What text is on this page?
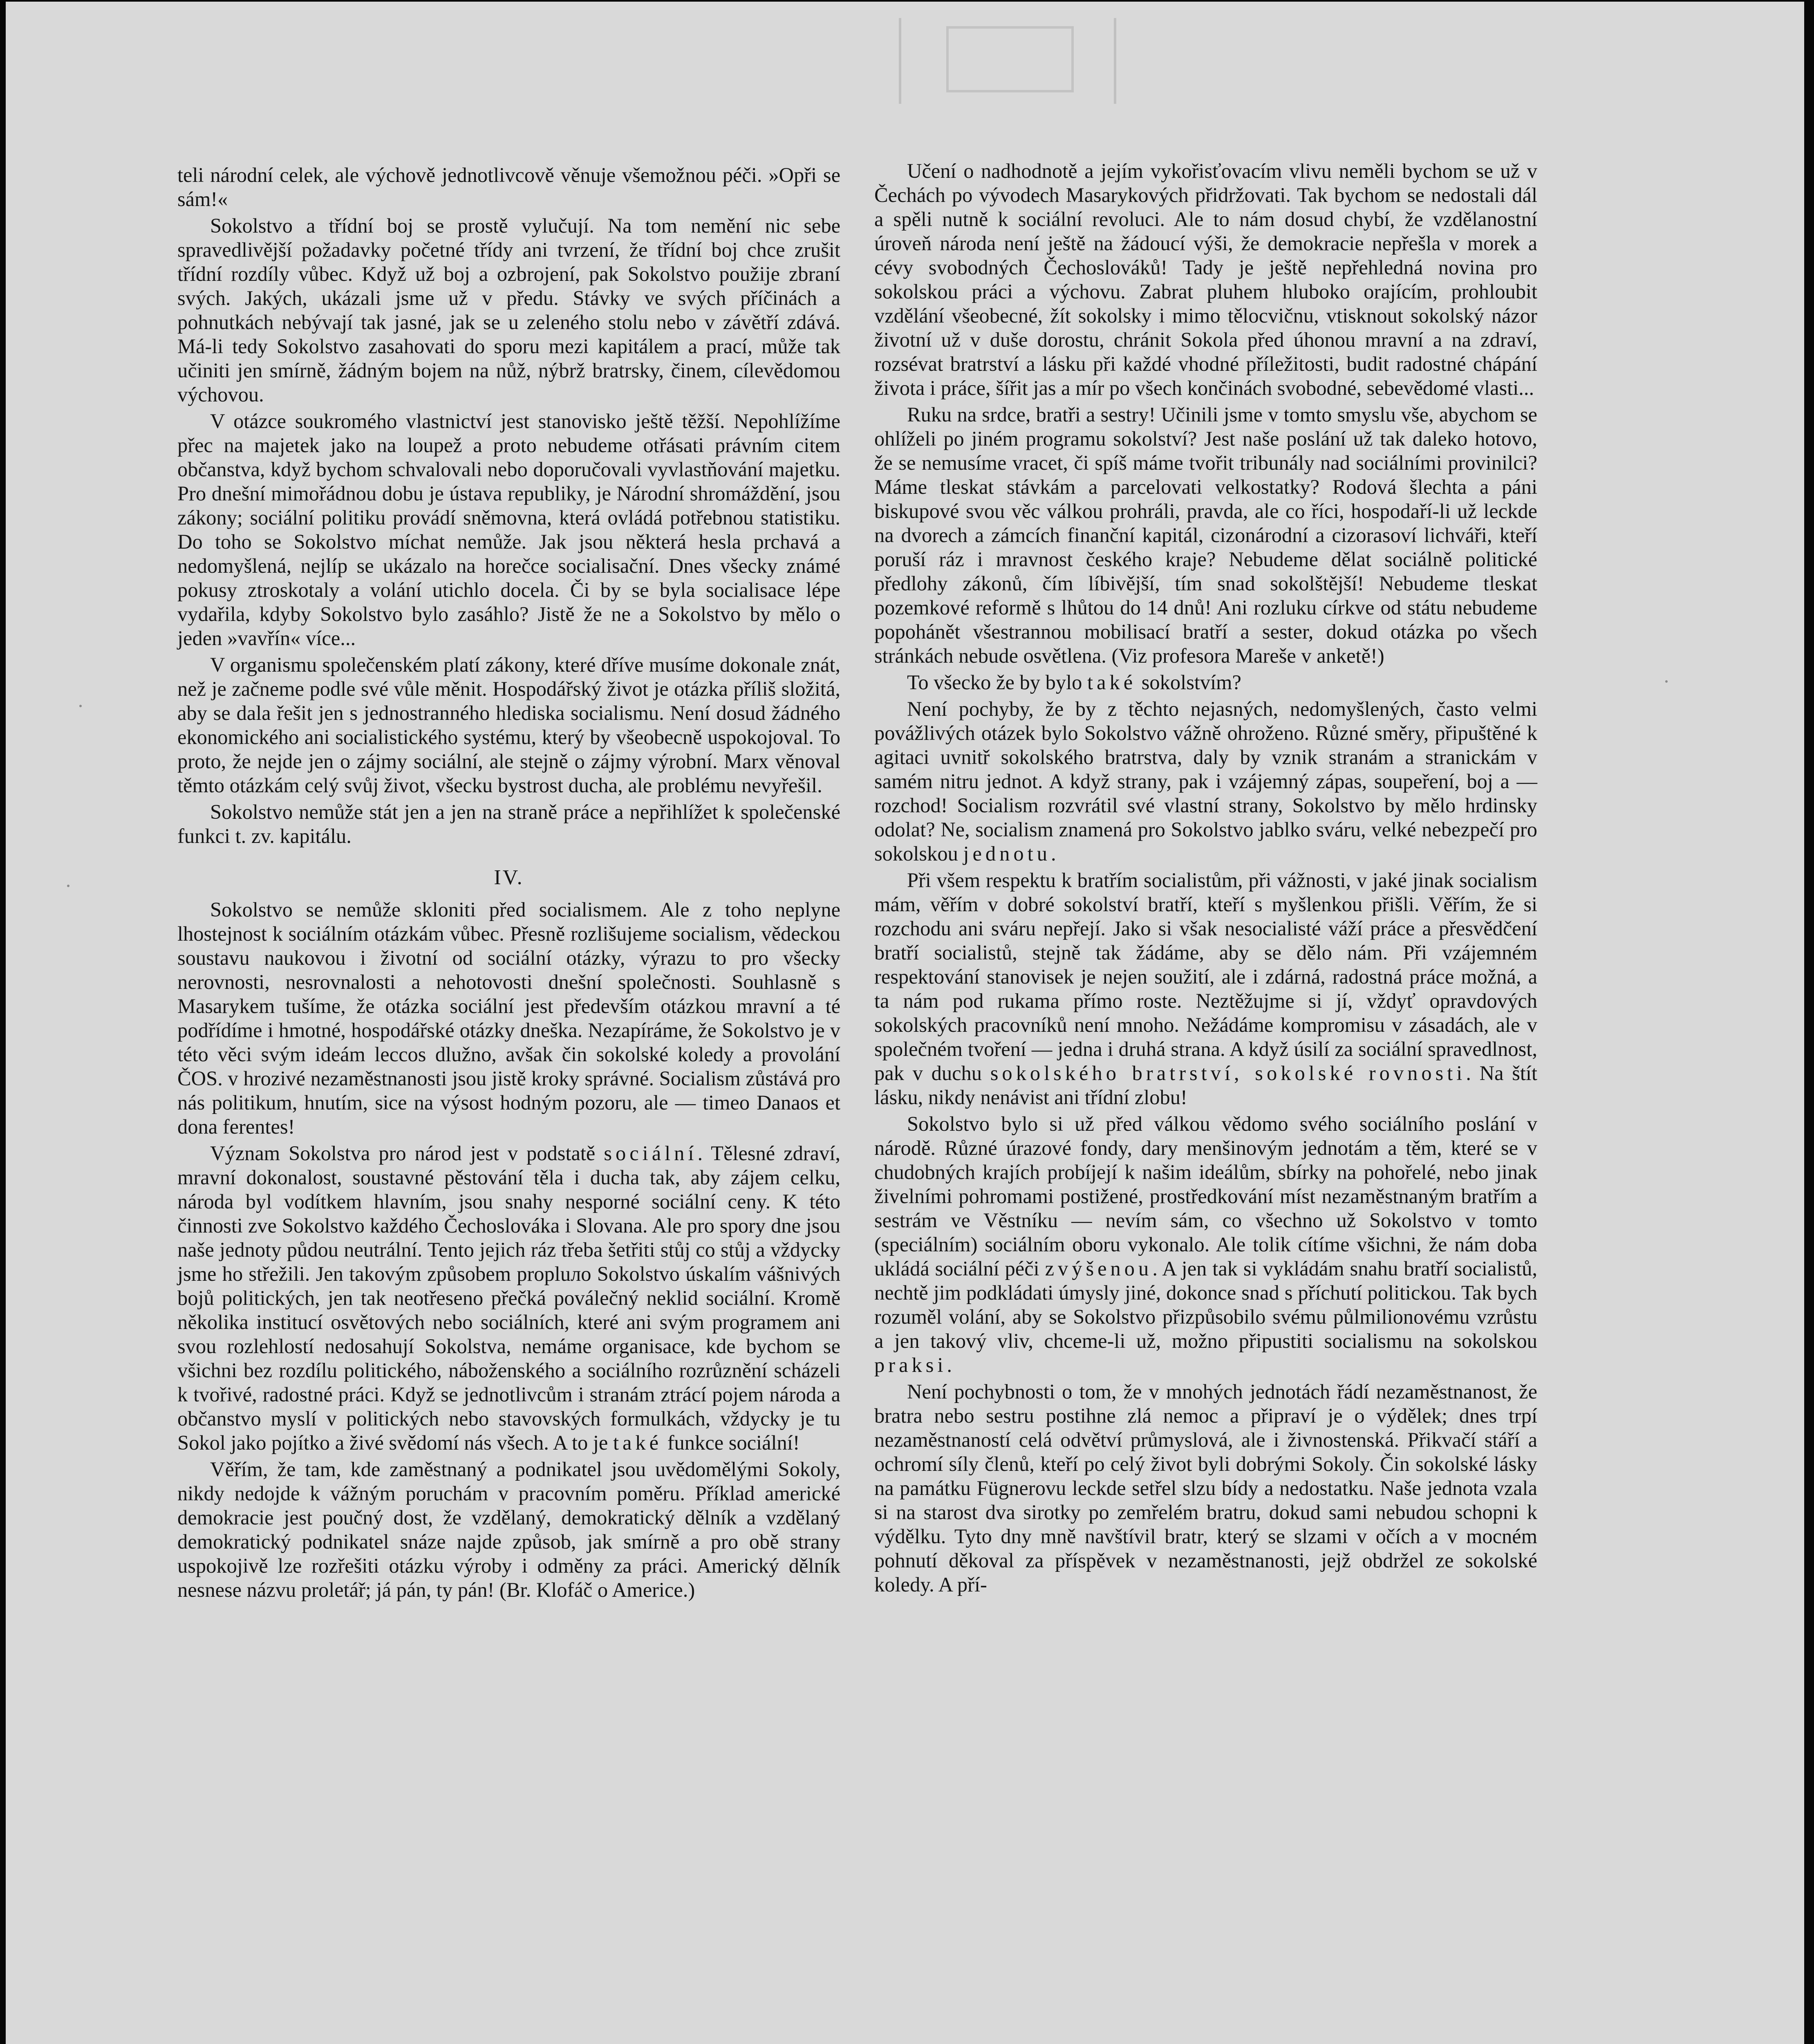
teli národní celek, ale výchově jednotlivcově věnuje všemožnou péči. »Opři se sám!«

Sokolstvo a třídní boj se prostě vylučují. Na tom nemění nic sebe spravedlivější požadavky početné třídy ani tvrzení, že třídní boj chce zrušit třídní rozdíly vůbec. Když už boj a ozbrojení, pak Sokolstvo použije zbraní svých. Jakých, ukázali jsme už v předu. Stávky ve svých příčinách a pohnutkách nebývají tak jasné, jak se u zeleného stolu nebo v závětří zdává. Má-li tedy Sokolstvo zasahovati do sporu mezi kapitálem a prací, může tak učiniti jen smírně, žádným bojem na nůž, nýbrž bratrsky, činem, cílevědomou výchovou.

V otázce soukromého vlastnictví jest stanovisko ještě těžší. Nepohlížíme přec na majetek jako na loupež a proto nebudeme otřásati právním citem občanstva, když bychom schvalovali nebo doporučovali vyvlastňování majetku. Pro dnešní mimořádnou dobu je ústava republiky, je Národní shromáždění, jsou zákony; sociální politiku provádí sněmovna, která ovládá potřebnou statistiku. Do toho se Sokolstvo míchat nemůže. Jak jsou některá hesla prchavá a nedomyšlená, nejlíp se ukázalo na horečce socialisační. Dnes všecky známé pokusy ztroskotaly a volání utichlo docela. Či by se byla socialisace lépe vydařila, kdyby Sokolstvo bylo zasáhlo? Jistě že ne a Sokolstvo by mělo o jeden »vavřín« více...

V organismu společenském platí zákony, které dříve musíme dokonale znát, než je začneme podle své vůle měnit. Hospodářský život je otázka příliš složitá, aby se dala řešit jen s jednostranného hlediska socialismu. Není dosud žádného ekonomického ani socialistického systému, který by všeobecně uspokojoval. To proto, že nejde jen o zájmy sociální, ale stejně o zájmy výrobní. Marx věnoval těmto otázkám celý svůj život, všecku bystrost ducha, ale problému nevyřešil.

Sokolstvo nemůže stát jen a jen na straně práce a nepřihlížet k společenské funkci t. zv. kapitálu.

IV.

Sokolstvo se nemůže skloniti před socialismem. Ale z toho neplyne lhostejnost k sociálním otázkám vůbec. Přesně rozlišujeme socialism, vědeckou soustavu naukovou i životní od sociální otázky, výrazu to pro všecky nerovnosti, nesrovnalosti a nehotovosti dnešní společnosti. Souhlasně s Masarykem tušíme, že otázka sociální jest především otázkou mravní a té podřídíme i hmotné, hospodářské otázky dneška. Nezapíráme, že Sokolstvo je v této věci svým ideám leccos dlužno, avšak čin sokolské koledy a provolání ČOS. v hrozivé nezaměstnanosti jsou jistě kroky správné. Socialism zůstává pro nás politikum, hnutím, sice na výsost hodným pozoru, ale — timeo Danaos et dona ferentes!

Význam Sokolstva pro národ jest v podstatě sociální. Tělesné zdraví, mravní dokonalost, soustavné pěstování těla i ducha tak, aby zájem celku, národa byl vodítkem hlavním, jsou snahy nesporné sociální ceny. K této činnosti zve Sokolstvo každého Čechoslováka i Slovana. Ale pro spory dne jsou naše jednoty půdou neutrální. Tento jejich ráz třeba šetřiti stůj co stůj a vždycky jsme ho střežili. Jen takovým způsobem propluло Sokolstvo úskalím vášnivých bojů politických, jen tak neotřeseno přečká poválečný neklid sociální. Kromě několika institucí osvětových nebo sociálních, které ani svým programem ani svou rozlehlostí nedosahují Sokolstva, nemáme organisace, kde bychom se všichni bez rozdílu politického, náboženského a sociálního rozrůznění scházeli k tvořivé, radostné práci. Když se jednotlivcům i stranám ztrácí pojem národa a občanstvo myslí v politických nebo stavovských formulkách, vždycky je tu Sokol jako pojítko a živé svědomí nás všech. A to je také funkce sociální!

Věřím, že tam, kde zaměstnaný a podnikatel jsou uvědomělými Sokoly, nikdy nedojde k vážným poruchám v pracovním poměru. Příklad americké demokracie jest poučný dost, že vzdělaný, demokratický dělník a vzdělaný demokratický podnikatel snáze najde způsob, jak smírně a pro obě strany uspokojivě lze rozřešiti otázku výroby i odměny za práci. Americký dělník nesnese názvu proletář; já pán, ty pán! (Br. Klofáč o Americe.)

Učení o nadhodnotě a jejím vykořisťovacím vlivu neměli bychom se už v Čechách po vývodech Masarykových přidržovati. Tak bychom se nedostali dál a spěli nutně k sociální revoluci. Ale to nám dosud chybí, že vzdělanostní úroveň národa není ještě na žádoucí výši, že demokracie nepřešla v morek a cévy svobodných Čechoslováků! Tady je ještě nepřehledná novina pro sokolskou práci a výchovu. Zabrat pluhem hluboko orajícím, prohloubit vzdělání všeobecné, žít sokolsky i mimo tělocvičnu, vtisknout sokolský názor životní už v duše dorostu, chránit Sokola před úhonou mravní a na zdraví, rozsévat bratrství a lásku při každé vhodné příležitosti, budit radostné chápání života i práce, šířit jas a mír po všech končinách svobodné, sebevědomé vlasti...

Ruku na srdce, bratři a sestry! Učinili jsme v tomto smyslu vše, abychom se ohlíželi po jiném programu sokolství? Jest naše poslání už tak daleko hotovo, že se nemusíme vracet, či spíš máme tvořit tribunály nad sociálními provinilci? Máme tleskat stávkám a parcelovati velkostatky? Rodová šlechta a páni biskupové svou věc válkou prohráli, pravda, ale co říci, hospodaří-li už leckde na dvorech a zámcích finanční kapitál, cizonárodní a cizorasoví lichváři, kteří poruší ráz i mravnost českého kraje? Nebudeme dělat sociálně politické předlohy zákonů, čím líbivější, tím snad sokolštější! Nebudeme tleskat pozemkové reformě s lhůtou do 14 dnů! Ani rozluku církve od státu nebudeme popohánět všestrannou mobilisací bratří a sester, dokud otázka po všech stránkách nebude osvětlena. (Viz profesora Mareše v anketě!)

To všecko že by bylo také sokolstvím?

Není pochyby, že by z těchto nejasných, nedomyšlených, často velmi povážlivých otázek bylo Sokolstvo vážně ohroženo. Různé směry, připuštěné k agitaci uvnitř sokolského bratrstva, daly by vznik stranám a stranickám v samém nitru jednot. A když strany, pak i vzájemný zápas, soupeření, boj a — rozchod! Socialism rozvrátil své vlastní strany, Sokolstvo by mělo hrdinsky odolat? Ne, socialism znamená pro Sokolstvo jablko sváru, velké nebezpečí pro sokolskou jednotu.

Při všem respektu k bratřím socialistům, při vážnosti, v jaké jinak socialism mám, věřím v dobré sokolství bratří, kteří s myšlenkou přišli. Věřím, že si rozchodu ani sváru nepřejí. Jako si však nesocialisté váží práce a přesvědčení bratří socialistů, stejně tak žádáme, aby se dělo nám. Při vzájemném respektování stanovisek je nejen soužití, ale i zdárná, radostná práce možná, a ta nám pod rukama přímo roste. Neztěžujme si jí, vždyť opravdových sokolských pracovníků není mnoho. Nežádáme kompromisu v zásadách, ale v společném tvoření — jedna i druhá strana. A když úsilí za sociální spravedlnost, pak v duchu sokolského bratrství, sokolské rovnosti. Na štít lásku, nikdy nenávist ani třídní zlobu!

Sokolstvo bylo si už před válkou vědomo svého sociálního poslání v národě. Různé úrazové fondy, dary menšinovým jednotám a těm, které se v chudobných krajích probíjejí k našim ideálům, sbírky na pohořelé, nebo jinak živelními pohromami postižené, prostředkování míst nezaměstnaným bratřím a sestrám ve Věstníku — nevím sám, co všechno už Sokolstvo v tomto (speciálním) sociálním oboru vykonalo. Ale tolik cítíme všichni, že nám doba ukládá sociální péči zvýšenou. A jen tak si vykládám snahu bratří socialistů, nechtě jim podkládati úmysly jiné, dokonce snad s příchutí politickou. Tak bych rozuměl volání, aby se Sokolstvo přizpůsobilo svému půlmilionovému vzrůstu a jen takový vliv, chceme-li už, možno připustiti socialismu na sokolskou praksi.

Není pochybnosti o tom, že v mnohých jednotách řádí nezaměstnanost, že bratra nebo sestru postihne zlá nemoc a připraví je o výdělek; dnes trpí nezaměstnaností celá odvětví průmyslová, ale i živnostenská. Přikvačí stáří a ochromí síly členů, kteří po celý život byli dobrými Sokoly. Čin sokolské lásky na památku Fügnerovu leckde setřel slzu bídy a nedostatku. Naše jednota vzala si na starost dva sirotky po zemřelém bratru, dokud sami nebudou schopni k výdělku. Tyto dny mně navštívil bratr, který se slzami v očích a v mocném pohnutí děkoval za příspěvek v nezaměstnanosti, jejž obdržel ze sokolské koledy. A pří-
